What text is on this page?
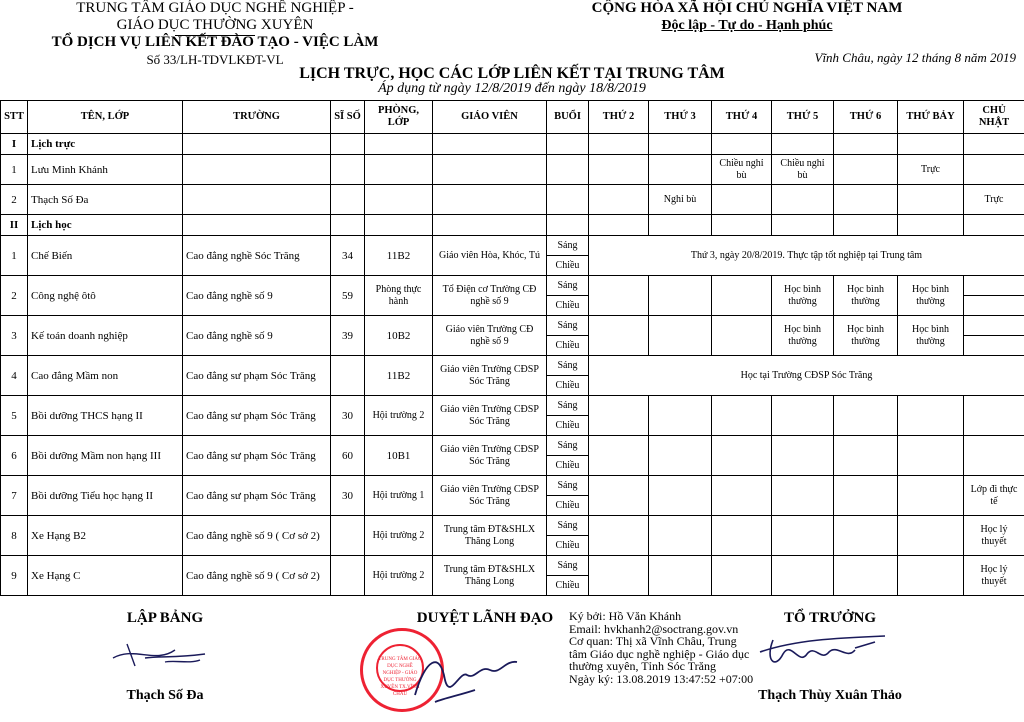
TRUNG TÂM GIÁO DỤC NGHỀ NGHIỆP -
GIÁO DỤC THƯỜNG XUYÊN
TỔ DỊCH VỤ LIÊN KẾT ĐÀO TẠO - VIỆC LÀM
Số 33/LH-TDVLKĐT-VL
CỘNG HÒA XÃ HỘI CHỦ NGHĨA VIỆT NAM
Độc lập - Tự do - Hạnh phúc
Vĩnh Châu, ngày 12 tháng 8 năm 2019
LỊCH TRỰC, HỌC CÁC LỚP LIÊN KẾT TẠI TRUNG TÂM
Áp dụng từ ngày 12/8/2019 đến ngày 18/8/2019
STT	TÊN, LỚP	TRƯỜNG	SĨ SỐ	PHÒNG, LỚP	GIÁO VIÊN	BUỔI	THỨ 2	THỨ 3	THỨ 4	THỨ 5	THỨ 6	THỨ BẢY	CHỦ NHẬT
I	Lịch trực												
1	Lưu Minh Khánh								Chiều nghỉ bù	Chiều nghỉ bù		Trực	
2	Thạch Số Đa							Nghỉ bù					Trực
II	Lịch học												
1	Chế Biến	Cao đẳng nghề Sóc Trăng	34	11B2	Giáo viên Hòa, Khóc, Tú	Sáng	Thứ 3, ngày 20/8/2019. Thực tập tốt nghiệp tại Trung tâm						
						Chiều							
2	Công nghệ ôtô	Cao đẳng nghề số 9	59	Phòng thực hành	Tổ Điện cơ Trường CĐ nghề số 9	Sáng				Học bình thường	Học bình thường	Học bình thường	
						Chiều							
3	Kế toán doanh nghiệp	Cao đẳng nghề số 9	39	10B2	Giáo viên Trường CĐ nghề số 9	Sáng				Học bình thường	Học bình thường	Học bình thường	
						Chiều							
4	Cao đẳng Mầm non	Cao đẳng sư phạm Sóc Trăng		11B2	Giáo viên Trường CĐSP Sóc Trăng	Sáng	Học tại Trường CĐSP Sóc Trăng						
						Chiều							
5	Bồi dưỡng THCS hạng II	Cao đẳng sư phạm Sóc Trăng	30	Hội trường 2	Giáo viên Trường CĐSP Sóc Trăng	Sáng							
						Chiều							
6	Bồi dưỡng Mầm non hạng III	Cao đẳng sư phạm Sóc Trăng	60	10B1	Giáo viên Trường CĐSP Sóc Trăng	Sáng							
						Chiều							
7	Bồi dưỡng Tiểu học hạng II	Cao đẳng sư phạm Sóc Trăng	30	Hội trường 1	Giáo viên Trường CĐSP Sóc Trăng	Sáng							Lớp đi thực tế
						Chiều							
8	Xe Hạng B2	Cao đẳng nghề số 9 ( Cơ sở 2)		Hội trường 2	Trung tâm ĐT&SHLX Thăng Long	Sáng							Học lý thuyết
						Chiều							
9	Xe Hạng C	Cao đẳng nghề số 9 ( Cơ sở 2)		Hội trường 2	Trung tâm ĐT&SHLX Thăng Long	Sáng							Học lý thuyết
						Chiều							
LẬP BẢNG
Thạch Số Đa
DUYỆT LÃNH ĐẠO
TRUNG TÂM GIÁO DỤC NGHỀ NGHIỆP - GIÁO DỤC THƯỜNG XUYÊN TX.VĨNH CHÂU
Ký bởi: Hồ Văn Khánh
Email: hvkhanh2@soctrang.gov.vn
Cơ quan: Thị xã Vĩnh Châu, Trung tâm Giáo dục nghề nghiệp - Giáo dục thường xuyên, Tỉnh Sóc Trăng
Ngày ký: 13.08.2019 13:47:52 +07:00
TỔ TRƯỞNG
Thạch Thùy Xuân Thảo
